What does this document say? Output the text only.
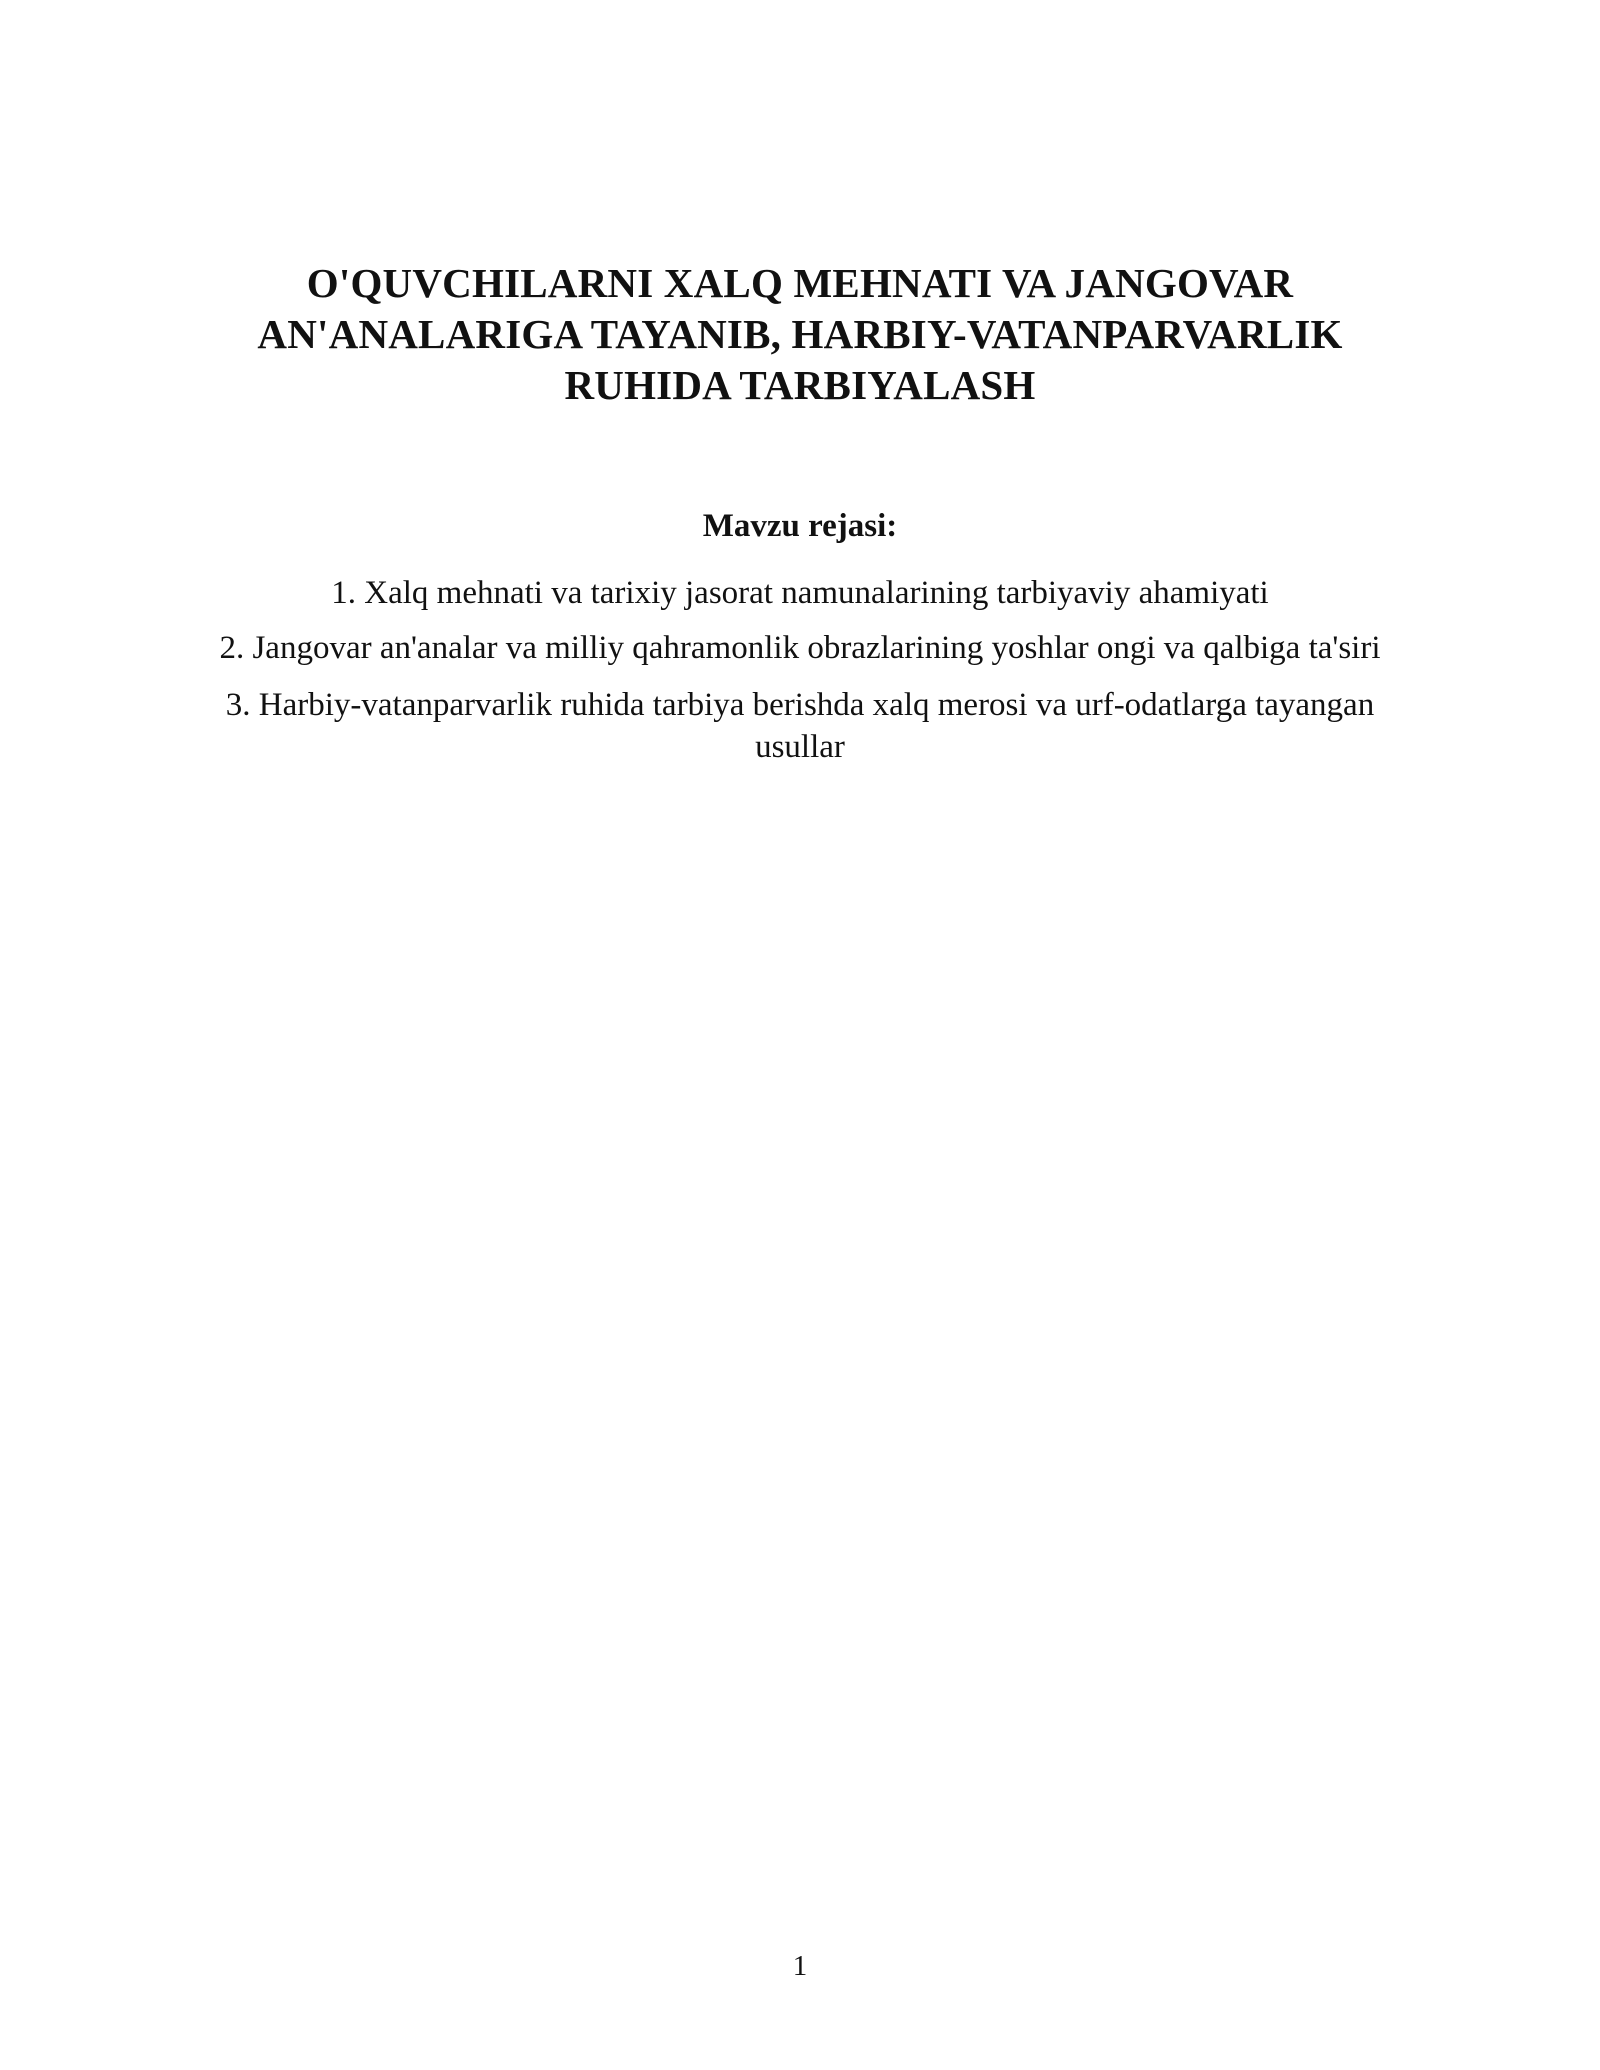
O'QUVCHILARNI XALQ MEHNATI VA JANGOVAR
AN'ANALARIGA TAYANIB, HARBIY-VATANPARVARLIK
RUHIDA TARBIYALASH
Mavzu rejasi:
1. Xalq mehnati va tarixiy jasorat namunalarining tarbiyaviy ahamiyati
2. Jangovar an'analar va milliy qahramonlik obrazlarining yoshlar ongi va qalbiga ta'siri
3. Harbiy-vatanparvarlik ruhida tarbiya berishda xalq merosi va urf-odatlarga tayangan usullar
1
